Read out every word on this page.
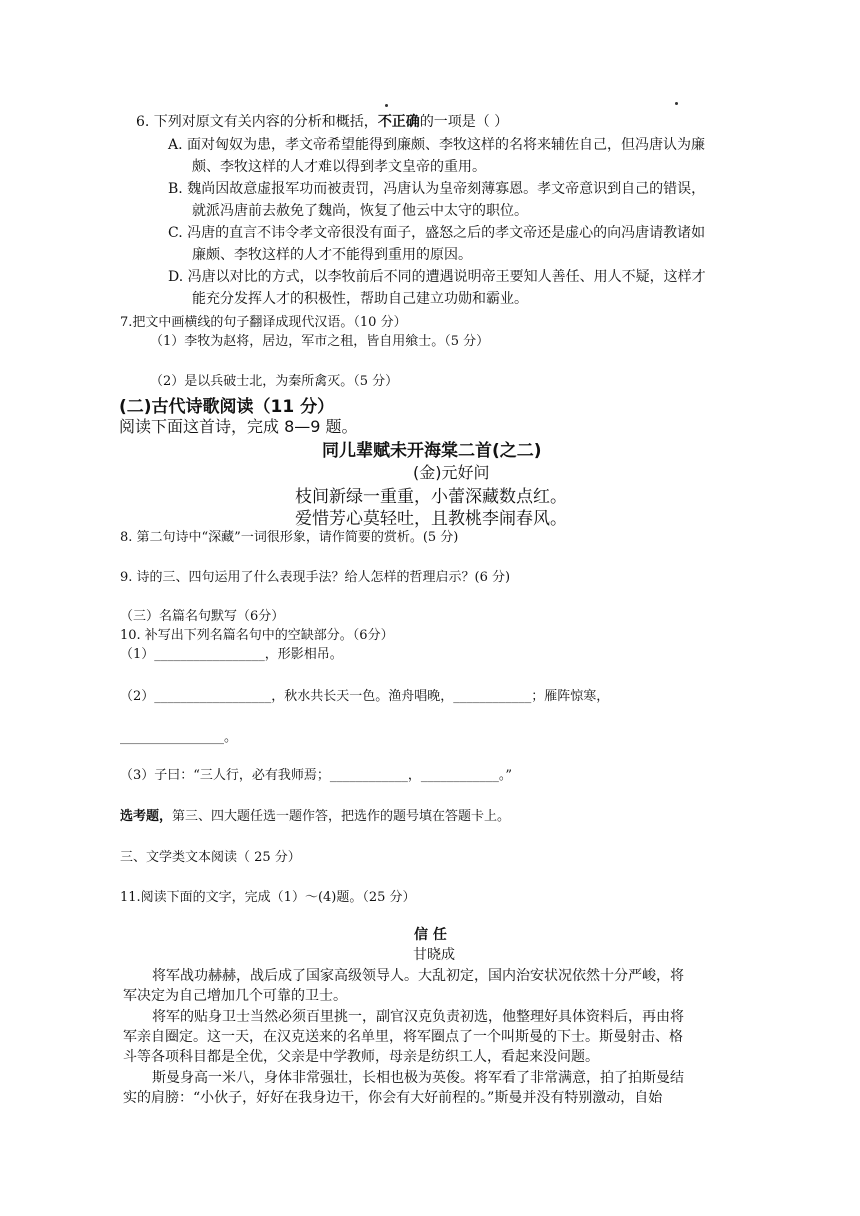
6. 下列对原文有关内容的分析和概括，不正确的一项是（ ）
A. 面对匈奴为患，孝文帝希望能得到廉颇、李牧这样的名将来辅佐自己，但冯唐认为廉
颇、李牧这样的人才难以得到孝文皇帝的重用。
B. 魏尚因故意虚报军功而被责罚，冯唐认为皇帝刻薄寡恩。孝文帝意识到自己的错误，
就派冯唐前去赦免了魏尚，恢复了他云中太守的职位。
C. 冯唐的直言不讳令孝文帝很没有面子，盛怒之后的孝文帝还是虚心的向冯唐请教诸如
廉颇、李牧这样的人才不能得到重用的原因。
D. 冯唐以对比的方式，以李牧前后不同的遭遇说明帝王要知人善任、用人不疑，这样才
能充分发挥人才的积极性，帮助自己建立功勋和霸业。
7.把文中画横线的句子翻译成现代汉语。（10 分）
（1）李牧为赵将，居边，军市之租，皆自用飨士。（5 分）
（2）是以兵破士北，为秦所禽灭。（5 分）
(二)古代诗歌阅读（11 分）
阅读下面这首诗，完成 8—9 题。
同儿辈赋未开海棠二首(之二)
(金)元好问
枝间新绿一重重，小蕾深藏数点红。
爱惜芳心莫轻吐，且教桃李闹春风。
8. 第二句诗中“深藏”一词很形象，请作简要的赏析。(5 分)
9. 诗的三、四句运用了什么表现手法？给人怎样的哲理启示？(6 分)
（三）名篇名句默写（6分）
10. 补写出下列名篇名句中的空缺部分。（6分）
（1）_________________，形影相吊。
（2）__________________，秋水共长天一色。渔舟唱晚，____________；雁阵惊寒，
________________。
（3）子曰：“三人行，必有我师焉；____________，____________。”
选考题，第三、四大题任选一题作答，把选作的题号填在答题卡上。
三、文学类文本阅读（ 25 分）
11.阅读下面的文字，完成（1）～(4)题。（25 分）
信 任
甘晓成
将军战功赫赫，战后成了国家高级领导人。大乱初定，国内治安状况依然十分严峻，将
军决定为自己增加几个可靠的卫士。
将军的贴身卫士当然必须百里挑一，副官汉克负责初选，他整理好具体资料后，再由将
军亲自圈定。这一天，在汉克送来的名单里，将军圈点了一个叫斯曼的下士。斯曼射击、格
斗等各项科目都是全优，父亲是中学教师，母亲是纺织工人，看起来没问题。
斯曼身高一米八，身体非常强壮，长相也极为英俊。将军看了非常满意，拍了拍斯曼结
实的肩膀：“小伙子，好好在我身边干，你会有大好前程的。”斯曼并没有特别激动，自始
